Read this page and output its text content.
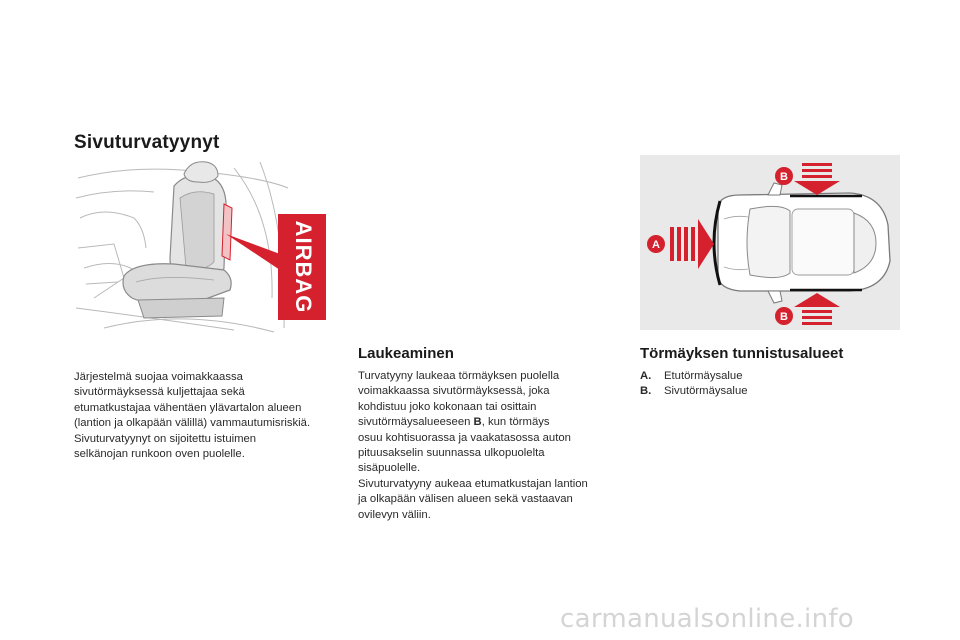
Sivuturvatyynyt
AIRBAG	A
B
B
Järjestelmä suojaa voimakkaassa
sivutörmäyksessä kuljettajaa sekä
etumatkustajaa vähentäen ylävartalon alueen
(lantion ja olkapään välillä) vammautumisriskiä.
Sivuturvatyynyt on sijoitettu istuimen
selkänojan runkoon oven puolelle.
Laukeaminen
Turvatyyny laukeaa törmäyksen puolella
voimakkaassa sivutörmäyksessä, joka
kohdistuu joko kokonaan tai osittain
sivutörmäysalueeseen B, kun törmäys
osuu kohtisuorassa ja vaakatasossa auton
pituusakselin suunnassa ulkopuolelta
sisäpuolelle.
Sivuturvatyyny aukeaa etumatkustajan lantion
ja olkapään välisen alueen sekä vastaavan
ovilevyn väliin.
Törmäyksen tunnistusalueet
A.	Etutörmäysalue
B.	Sivutörmäysalue
carmanualsonline.info
